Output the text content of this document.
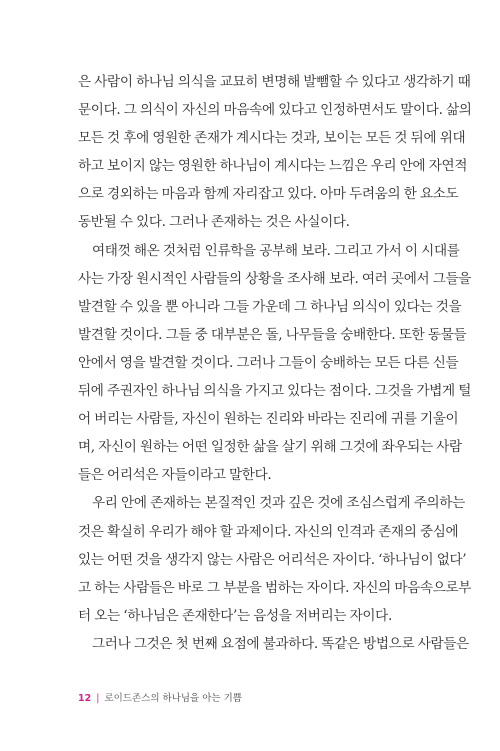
은 사람이 하나님 의식을 교묘히 변명해 발뺌할 수 있다고 생각하기 때
문이다. 그 의식이 자신의 마음속에 있다고 인정하면서도 말이다. 삶의
모든 것 후에 영원한 존재가 계시다는 것과, 보이는 모든 것 뒤에 위대
하고 보이지 않는 영원한 하나님이 계시다는 느낌은 우리 안에 자연적
으로 경외하는 마음과 함께 자리잡고 있다. 아마 두려움의 한 요소도
동반될 수 있다. 그러나 존재하는 것은 사실이다.
여태껏 해온 것처럼 인류학을 공부해 보라. 그리고 가서 이 시대를
사는 가장 원시적인 사람들의 상황을 조사해 보라. 여러 곳에서 그들을
발견할 수 있을 뿐 아니라 그들 가운데 그 하나님 의식이 있다는 것을
발견할 것이다. 그들 중 대부분은 돌, 나무들을 숭배한다. 또한 동물들
안에서 영을 발견할 것이다. 그러나 그들이 숭배하는 모든 다른 신들
뒤에 주권자인 하나님 의식을 가지고 있다는 점이다. 그것을 가볍게 털
어 버리는 사람들, 자신이 원하는 진리와 바라는 진리에 귀를 기울이
며, 자신이 원하는 어떤 일정한 삶을 살기 위해 그것에 좌우되는 사람
들은 어리석은 자들이라고 말한다.
우리 안에 존재하는 본질적인 것과 깊은 것에 조심스럽게 주의하는
것은 확실히 우리가 해야 할 과제이다. 자신의 인격과 존재의 중심에
있는 어떤 것을 생각지 않는 사람은 어리석은 자이다. ‘하나님이 없다’
고 하는 사람들은 바로 그 부분을 범하는 자이다. 자신의 마음속으로부
터 오는 ‘하나님은 존재한다’는 음성을 저버리는 자이다.
그러나 그것은 첫 번째 요점에 불과하다. 똑같은 방법으로 사람들은
12 | 로이드존스의 하나님을 아는 기쁨
